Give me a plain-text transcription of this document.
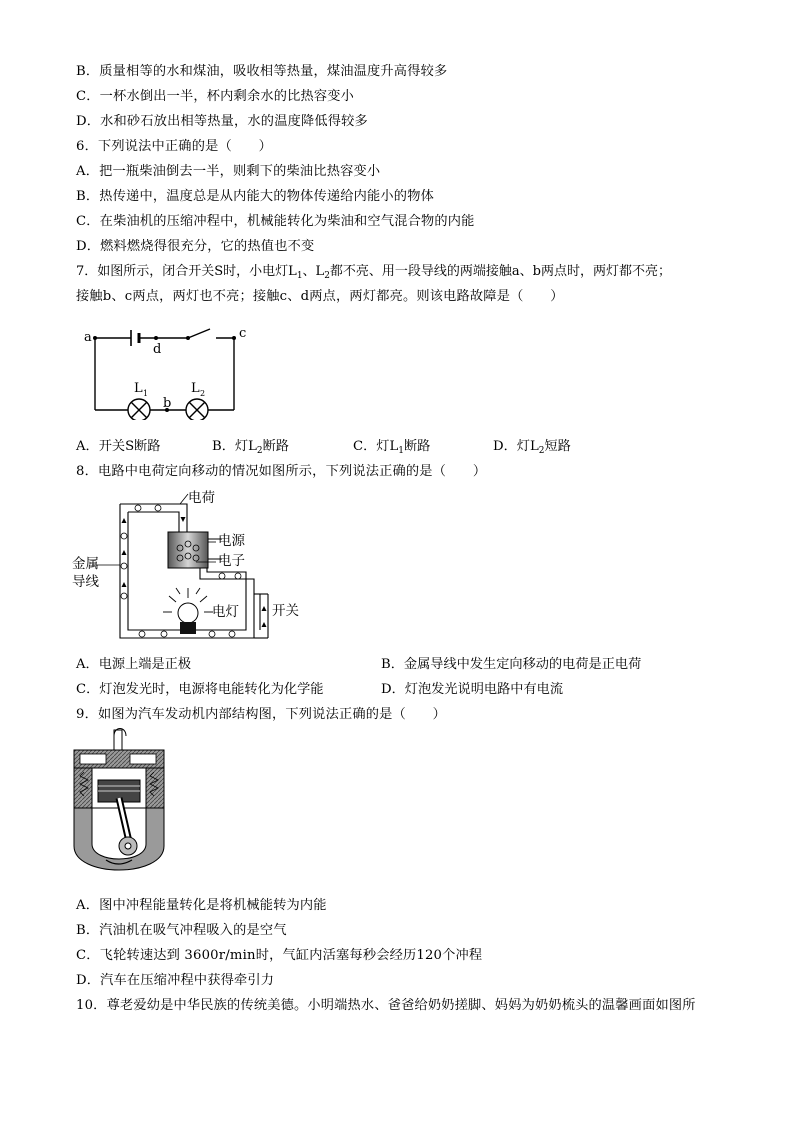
B．质量相等的水和煤油，吸收相等热量，煤油温度升高得较多
C．一杯水倒出一半，杯内剩余水的比热容变小
D．水和砂石放出相等热量，水的温度降低得较多
6．下列说法中正确的是（　　）
A．把一瓶柴油倒去一半，则剩下的柴油比热容变小
B．热传递中，温度总是从内能大的物体传递给内能小的物体
C．在柴油机的压缩冲程中，机械能转化为柴油和空气混合物的内能
D．燃料燃烧得很充分，它的热值也不变
7．如图所示，闭合开关S时，小电灯$L_1$、$L_2$都不亮、用一段导线的两端接触a、b两点时，两灯都不亮；
接触b、c两点，两灯也不亮；接触c、d两点，两灯都亮。则该电路故障是（　　）
a
d
c
b
L 1	L 2
A．开关S断路	B．灯$L_2$断路	C．灯$L_1$断路	D．灯$L_2$短路
8．电路中电荷定向移动的情况如图所示，下列说法正确的是（　　）
电荷
电源
电子
金属
导线
电灯 开关
A．电源上端是正极	B．金属导线中发生定向移动的电荷是正电荷
C．灯泡发光时，电源将电能转化为化学能	D．灯泡发光说明电路中有电流
9．如图为汽车发动机内部结构图，下列说法正确的是（　　）
A．图中冲程能量转化是将机械能转为内能
B．汽油机在吸气冲程吸入的是空气
C．飞轮转速达到 3600r/min时，气缸内活塞每秒会经历120个冲程
D．汽车在压缩冲程中获得牵引力
10．尊老爱幼是中华民族的传统美德。小明端热水、爸爸给奶奶搓脚、妈妈为奶奶梳头的温馨画面如图所
